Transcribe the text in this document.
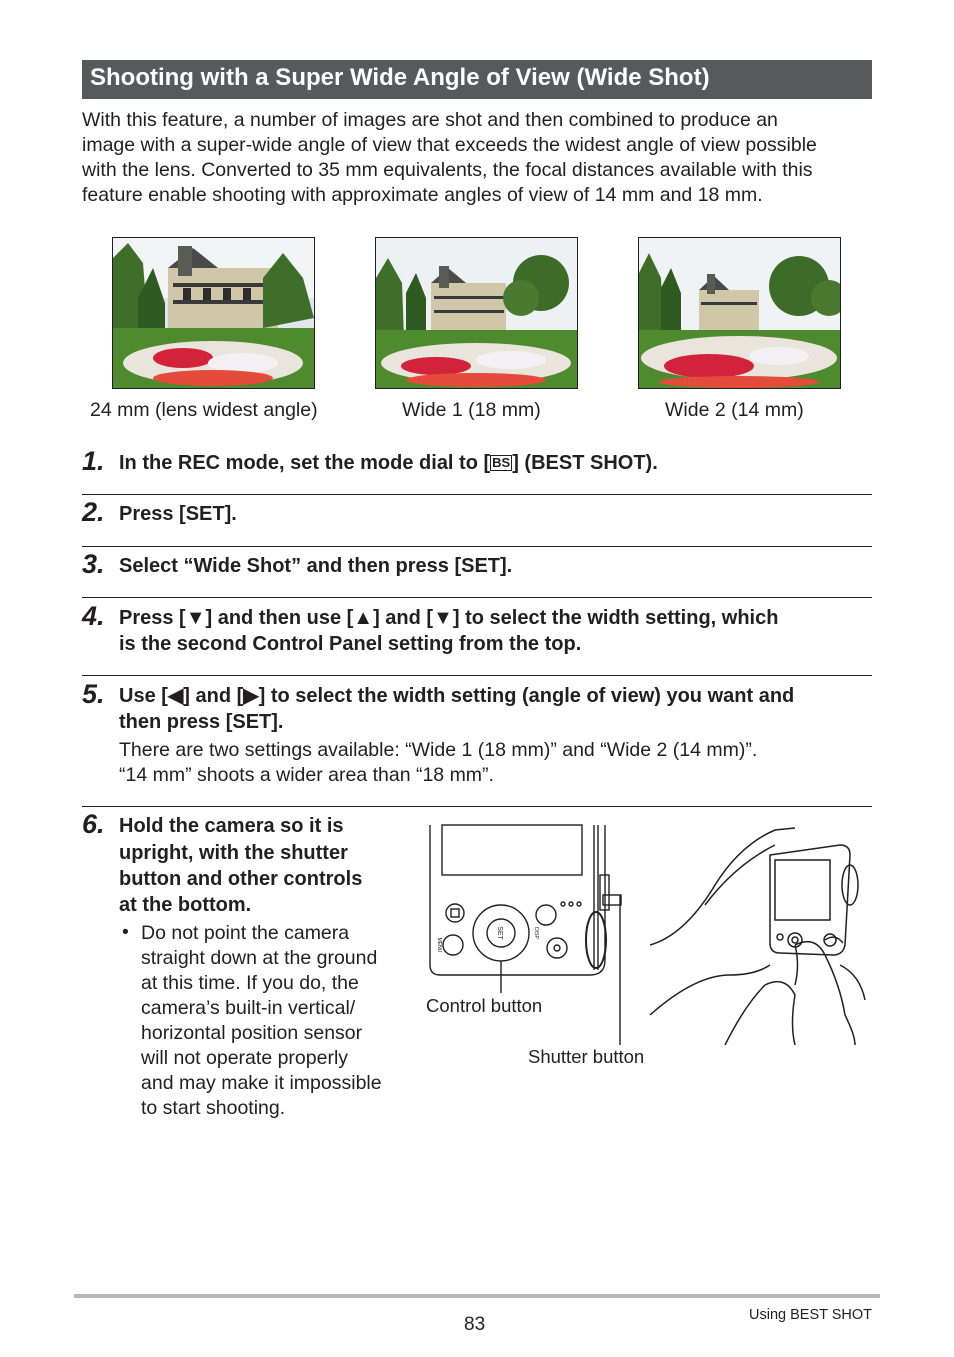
Shooting with a Super Wide Angle of View (Wide Shot)
With this feature, a number of images are shot and then combined to produce an
image with a super-wide angle of view that exceeds the widest angle of view possible
with the lens. Converted to 35 mm equivalents, the focal distances available with this
feature enable shooting with approximate angles of view of 14 mm and 18 mm.
24 mm (lens widest angle)	Wide 1 (18 mm)	Wide 2 (14 mm)
1. In the REC mode, set the mode dial to [ BS ] (BEST SHOT).
2. Press [SET].
3. Select “Wide Shot” and then press [SET].
4. Press [▼] and then use [▲] and [▼] to select the width setting, which
is the second Control Panel setting from the top.
5. Use [◀] and [▶] to select the width setting (angle of view) you want and
then press [SET].
There are two settings available: “Wide 1 (18 mm)” and “Wide 2 (14 mm)”.
“14 mm” shoots a wider area than “18 mm”.
6. Hold the camera so it is
upright, with the shutter
button and other controls
at the bottom.
• Do not point the camera
straight down at the ground
at this time. If you do, the
camera’s built-in vertical/
horizontal position sensor
will not operate properly
and may make it impossible
to start shooting.
SET
MENU
DISP
Control button
Shutter button
83	Using BEST SHOT
